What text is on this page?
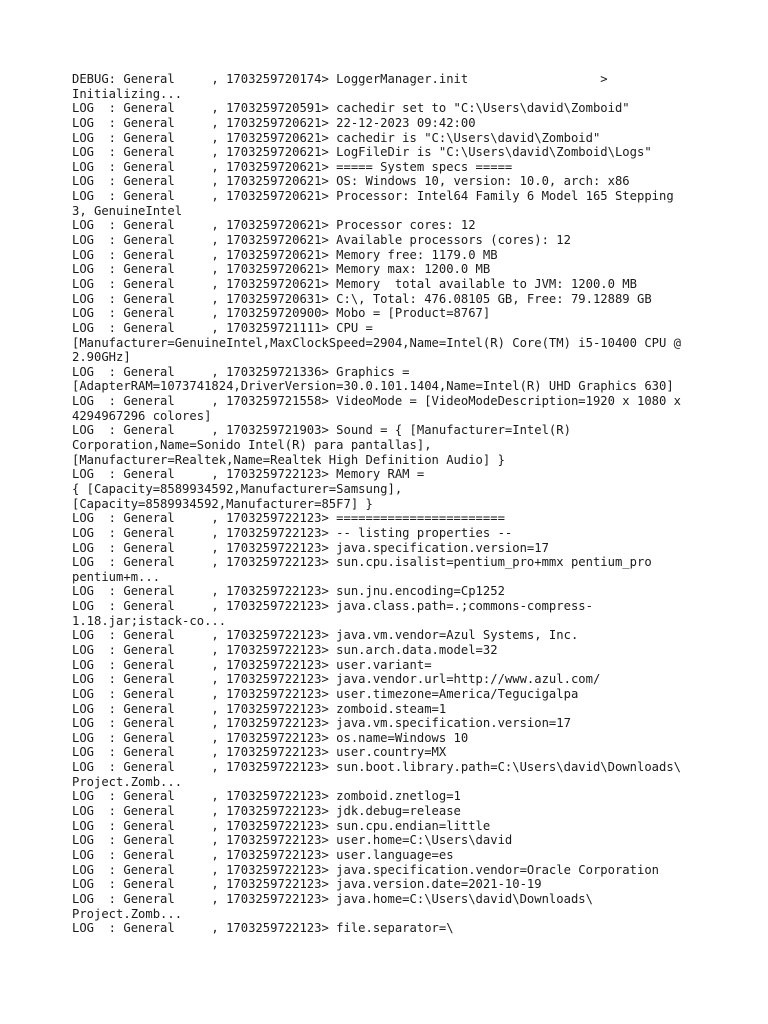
DEBUG: General     , 1703259720174> LoggerManager.init                  >
Initializing...
LOG  : General     , 1703259720591> cachedir set to "C:\Users\david\Zomboid"
LOG  : General     , 1703259720621> 22-12-2023 09:42:00
LOG  : General     , 1703259720621> cachedir is "C:\Users\david\Zomboid"
LOG  : General     , 1703259720621> LogFileDir is "C:\Users\david\Zomboid\Logs"
LOG  : General     , 1703259720621> ===== System specs =====
LOG  : General     , 1703259720621> OS: Windows 10, version: 10.0, arch: x86
LOG  : General     , 1703259720621> Processor: Intel64 Family 6 Model 165 Stepping
3, GenuineIntel
LOG  : General     , 1703259720621> Processor cores: 12
LOG  : General     , 1703259720621> Available processors (cores): 12
LOG  : General     , 1703259720621> Memory free: 1179.0 MB
LOG  : General     , 1703259720621> Memory max: 1200.0 MB
LOG  : General     , 1703259720621> Memory  total available to JVM: 1200.0 MB
LOG  : General     , 1703259720631> C:\, Total: 476.08105 GB, Free: 79.12889 GB
LOG  : General     , 1703259720900> Mobo = [Product=8767]
LOG  : General     , 1703259721111> CPU =
[Manufacturer=GenuineIntel,MaxClockSpeed=2904,Name=Intel(R) Core(TM) i5-10400 CPU @
2.90GHz]
LOG  : General     , 1703259721336> Graphics =
[AdapterRAM=1073741824,DriverVersion=30.0.101.1404,Name=Intel(R) UHD Graphics 630]
LOG  : General     , 1703259721558> VideoMode = [VideoModeDescription=1920 x 1080 x
4294967296 colores]
LOG  : General     , 1703259721903> Sound = { [Manufacturer=Intel(R)
Corporation,Name=Sonido Intel(R) para pantallas],
[Manufacturer=Realtek,Name=Realtek High Definition Audio] }
LOG  : General     , 1703259722123> Memory RAM =
{ [Capacity=8589934592,Manufacturer=Samsung],
[Capacity=8589934592,Manufacturer=85F7] }
LOG  : General     , 1703259722123> =======================
LOG  : General     , 1703259722123> -- listing properties --
LOG  : General     , 1703259722123> java.specification.version=17
LOG  : General     , 1703259722123> sun.cpu.isalist=pentium_pro+mmx pentium_pro
pentium+m...
LOG  : General     , 1703259722123> sun.jnu.encoding=Cp1252
LOG  : General     , 1703259722123> java.class.path=.;commons-compress-
1.18.jar;istack-co...
LOG  : General     , 1703259722123> java.vm.vendor=Azul Systems, Inc.
LOG  : General     , 1703259722123> sun.arch.data.model=32
LOG  : General     , 1703259722123> user.variant=
LOG  : General     , 1703259722123> java.vendor.url=http://www.azul.com/
LOG  : General     , 1703259722123> user.timezone=America/Tegucigalpa
LOG  : General     , 1703259722123> zomboid.steam=1
LOG  : General     , 1703259722123> java.vm.specification.version=17
LOG  : General     , 1703259722123> os.name=Windows 10
LOG  : General     , 1703259722123> user.country=MX
LOG  : General     , 1703259722123> sun.boot.library.path=C:\Users\david\Downloads\
Project.Zomb...
LOG  : General     , 1703259722123> zomboid.znetlog=1
LOG  : General     , 1703259722123> jdk.debug=release
LOG  : General     , 1703259722123> sun.cpu.endian=little
LOG  : General     , 1703259722123> user.home=C:\Users\david
LOG  : General     , 1703259722123> user.language=es
LOG  : General     , 1703259722123> java.specification.vendor=Oracle Corporation
LOG  : General     , 1703259722123> java.version.date=2021-10-19
LOG  : General     , 1703259722123> java.home=C:\Users\david\Downloads\
Project.Zomb...
LOG  : General     , 1703259722123> file.separator=\
